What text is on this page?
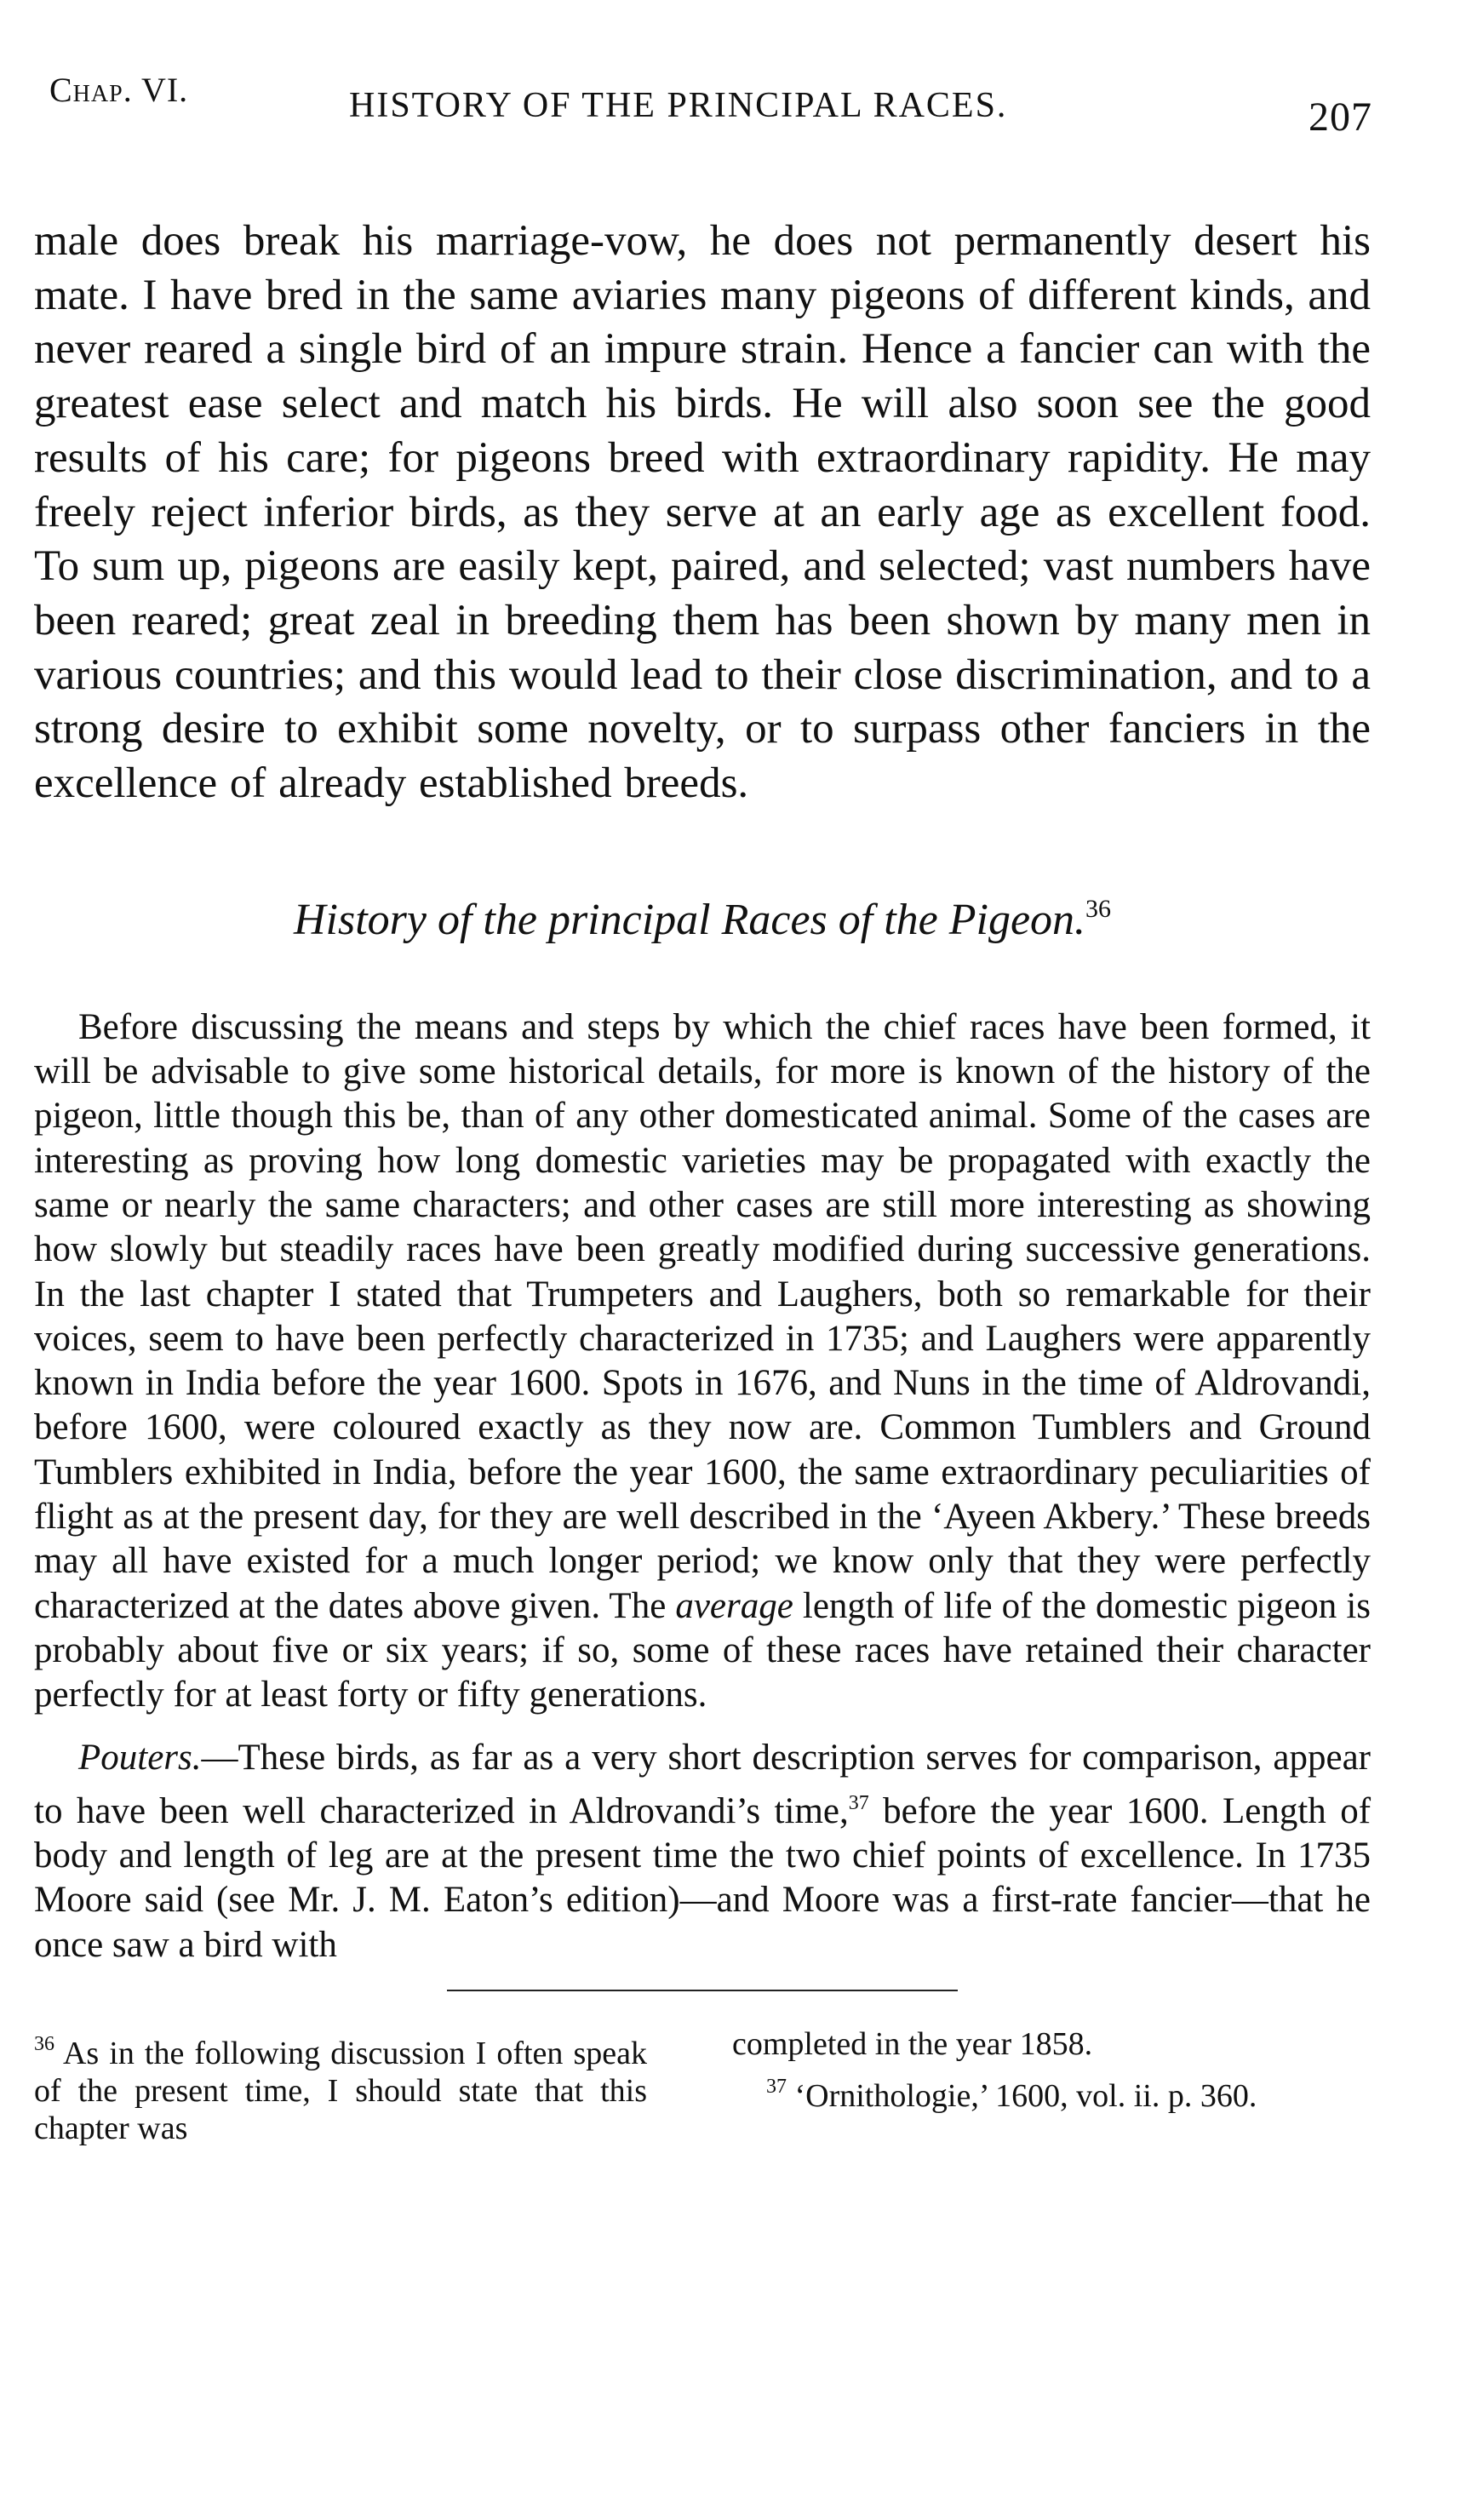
Chap. VI.	HISTORY OF THE PRINCIPAL RACES.	207

male does break his marriage-vow, he does not permanently desert his mate. I have bred in the same aviaries many pigeons of different kinds, and never reared a single bird of an impure strain. Hence a fancier can with the greatest ease select and match his birds. He will also soon see the good results of his care; for pigeons breed with extraordinary rapidity. He may freely reject inferior birds, as they serve at an early age as excellent food. To sum up, pigeons are easily kept, paired, and selected; vast numbers have been reared; great zeal in breeding them has been shown by many men in various countries; and this would lead to their close discrimination, and to a strong desire to exhibit some novelty, or to surpass other fanciers in the excellence of already established breeds.

History of the principal Races of the Pigeon.$^{36}$

Before discussing the means and steps by which the chief races have been formed, it will be advisable to give some historical details, for more is known of the history of the pigeon, little though this be, than of any other domesticated animal. Some of the cases are interesting as proving how long domestic varieties may be propagated with exactly the same or nearly the same characters; and other cases are still more interesting as showing how slowly but steadily races have been greatly modified during successive generations. In the last chapter I stated that Trumpeters and Laughers, both so remarkable for their voices, seem to have been perfectly characterized in 1735; and Laughers were apparently known in India before the year 1600. Spots in 1676, and Nuns in the time of Aldrovandi, before 1600, were coloured exactly as they now are. Common Tumblers and Ground Tumblers exhibited in India, before the year 1600, the same extraordinary peculiarities of flight as at the present day, for they are well described in the ‘Ayeen Akbery.’ These breeds may all have existed for a much longer period; we know only that they were perfectly characterized at the dates above given. The average length of life of the domestic pigeon is probably about five or six years; if so, some of these races have retained their character perfectly for at least forty or fifty generations.

Pouters.—These birds, as far as a very short description serves for comparison, appear to have been well characterized in Aldrovandi’s time,$^{37}$ before the year 1600. Length of body and length of leg are at the present time the two chief points of excellence. In 1735 Moore said (see Mr. J. M. Eaton’s edition)—and Moore was a first-rate fancier—that he once saw a bird with

$^{36}$ As in the following discussion I often speak of the present time, I should state that this chapter was

completed in the year 1858.

$^{37}$ ‘Ornithologie,’ 1600, vol. ii. p. 360.
